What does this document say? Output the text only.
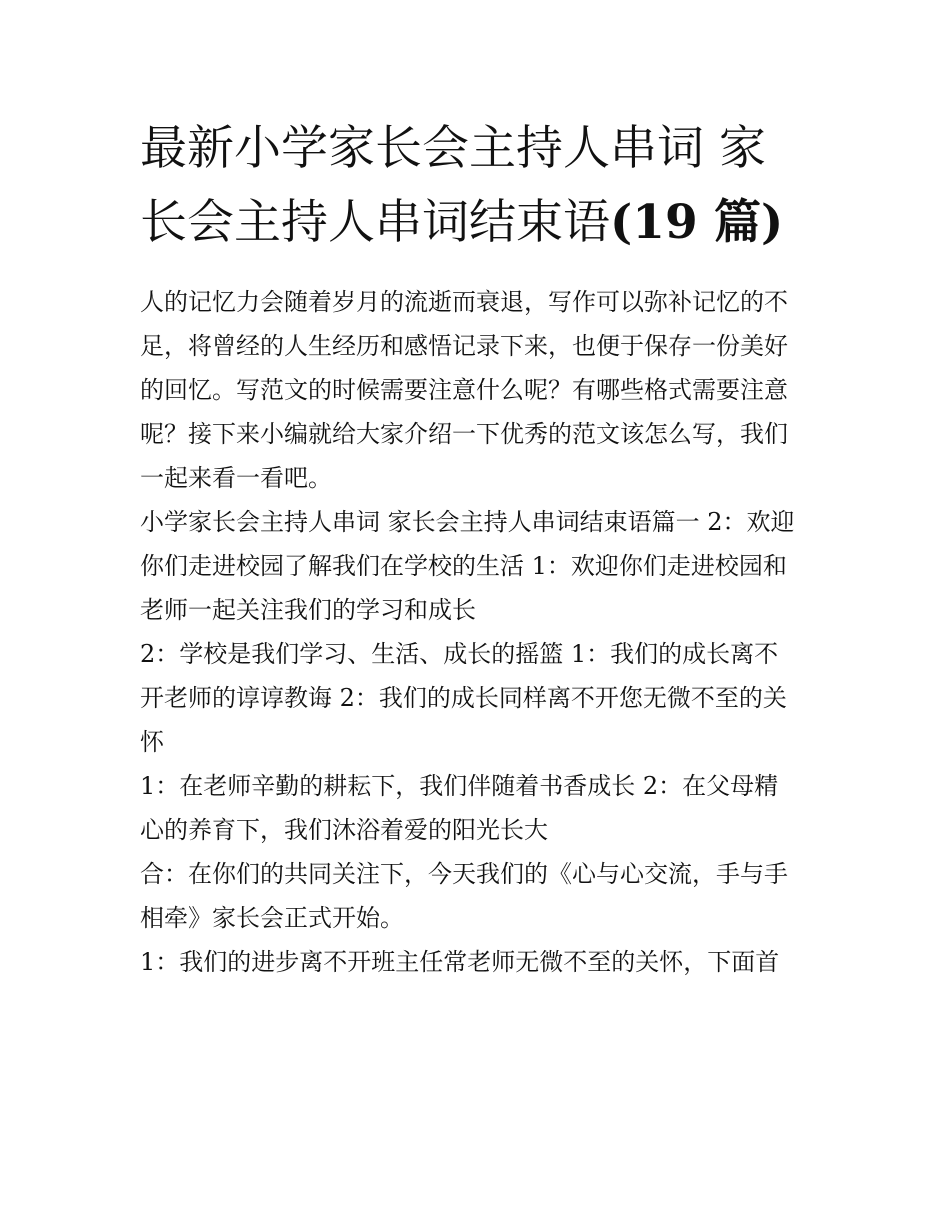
最新小学家长会主持人串词 家
长会主持人串词结束语(19 篇)

人的记忆力会随着岁月的流逝而衰退，写作可以弥补记忆的不
足，将曾经的人生经历和感悟记录下来，也便于保存一份美好
的回忆。写范文的时候需要注意什么呢？有哪些格式需要注意
呢？接下来小编就给大家介绍一下优秀的范文该怎么写，我们
一起来看一看吧。

小学家长会主持人串词 家长会主持人串词结束语篇一 2：欢迎
你们走进校园了解我们在学校的生活 1：欢迎你们走进校园和
老师一起关注我们的学习和成长

2：学校是我们学习、生活、成长的摇篮 1：我们的成长离不
开老师的谆谆教诲 2：我们的成长同样离不开您无微不至的关
怀

1：在老师辛勤的耕耘下，我们伴随着书香成长 2：在父母精
心的养育下，我们沐浴着爱的阳光长大

合：在你们的共同关注下，今天我们的《心与心交流，手与手
相牵》家长会正式开始。

1：我们的进步离不开班主任常老师无微不至的关怀，下面首
